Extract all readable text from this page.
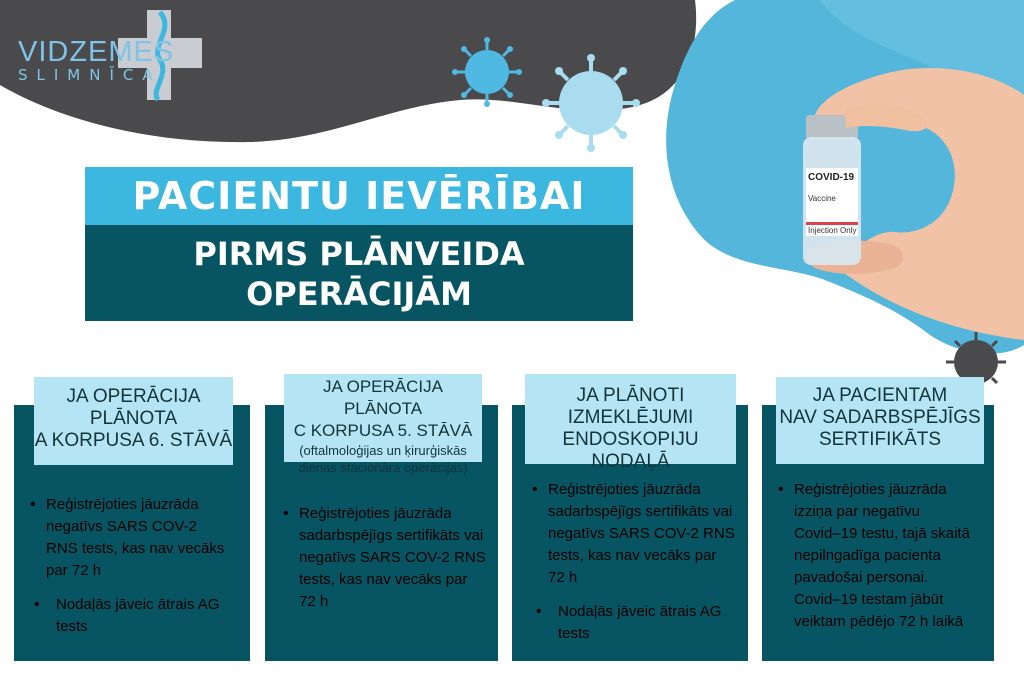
COVID-19
Vaccine
Injection Only
VIDZEMES
SLIMNĪCA
PACIENTU IEVĒRĪBAI
PIRMS PLĀNVEIDA
OPERĀCIJĀM
JA OPERĀCIJA
PLĀNOTA
A KORPUSA 6. STĀVĀ
• Reģistrējoties jāuzrāda negatīvs SARS COV-2 RNS tests, kas nav vecāks par 72 h
• Nodaļās jāveic ātrais AG tests
JA OPERĀCIJA PLĀNOTA
C KORPUSA 5. STĀVĀ
(oftalmoloģijas un ķirurģiskās
dienas stacionāra operācijas)
• Reģistrējoties jāuzrāda sadarbspējīgs sertifikāts vai negatīvs SARS COV-2 RNS tests, kas nav vecāks par 72 h
JA PLĀNOTI
IZMEKLĒJUMI
ENDOSKOPIJU NODAĻĀ
• Reģistrējoties jāuzrāda sadarbspējīgs sertifikāts vai negatīvs SARS COV-2 RNS tests, kas nav vecāks par 72 h
• Nodaļās jāveic ātrais AG tests
JA PACIENTAM
NAV SADARBSPĒJĪGS
SERTIFIKĀTS
• Reģistrējoties jāuzrāda izziņa par negatīvu Covid–19 testu, tajā skaitā nepilngadīga pacienta pavadošai personai. Covid–19 testam jābūt veiktam pēdējo 72 h laikā
